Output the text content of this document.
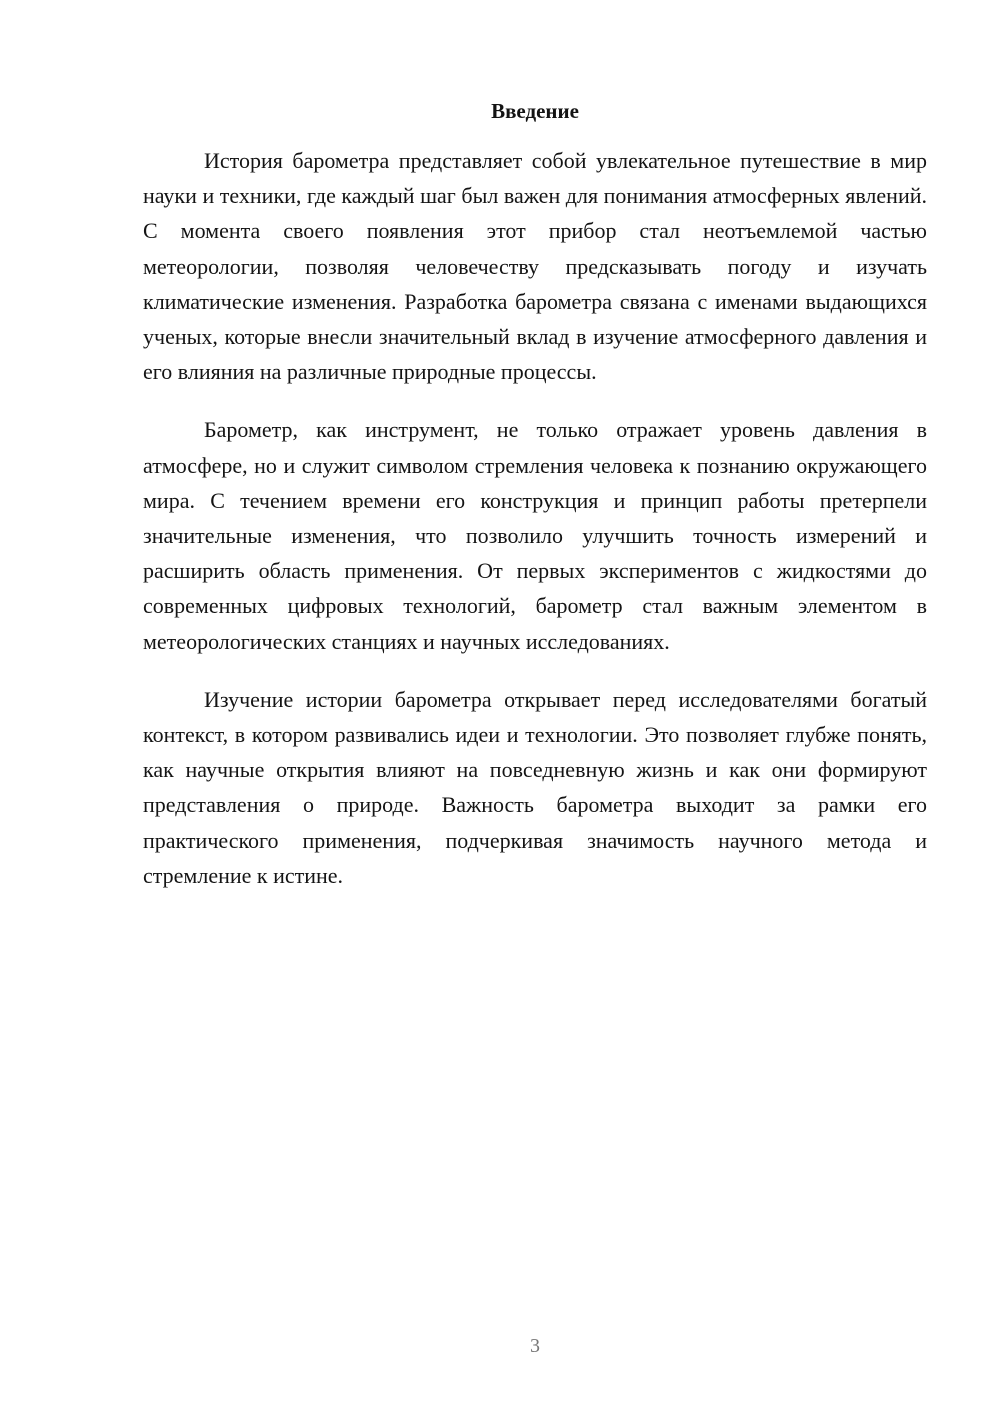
Введение

История барометра представляет собой увлекательное путешествие в мир науки и техники, где каждый шаг был важен для понимания атмосферных явлений. С момента своего появления этот прибор стал неотъемлемой частью метеорологии, позволяя человечеству предсказывать погоду и изучать климатические изменения. Разработка барометра связана с именами выдающихся ученых, которые внесли значительный вклад в изучение атмосферного давления и его влияния на различные природные процессы.

Барометр, как инструмент, не только отражает уровень давления в атмосфере, но и служит символом стремления человека к познанию окружающего мира. С течением времени его конструкция и принцип работы претерпели значительные изменения, что позволило улучшить точность измерений и расширить область применения. От первых экспериментов с жидкостями до современных цифровых технологий, барометр стал важным элементом в метеорологических станциях и научных исследованиях.

Изучение истории барометра открывает перед исследователями богатый контекст, в котором развивались идеи и технологии. Это позволяет глубже понять, как научные открытия влияют на повседневную жизнь и как они формируют представления о природе. Важность барометра выходит за рамки его практического применения, подчеркивая значимость научного метода и стремление к истине.

3
